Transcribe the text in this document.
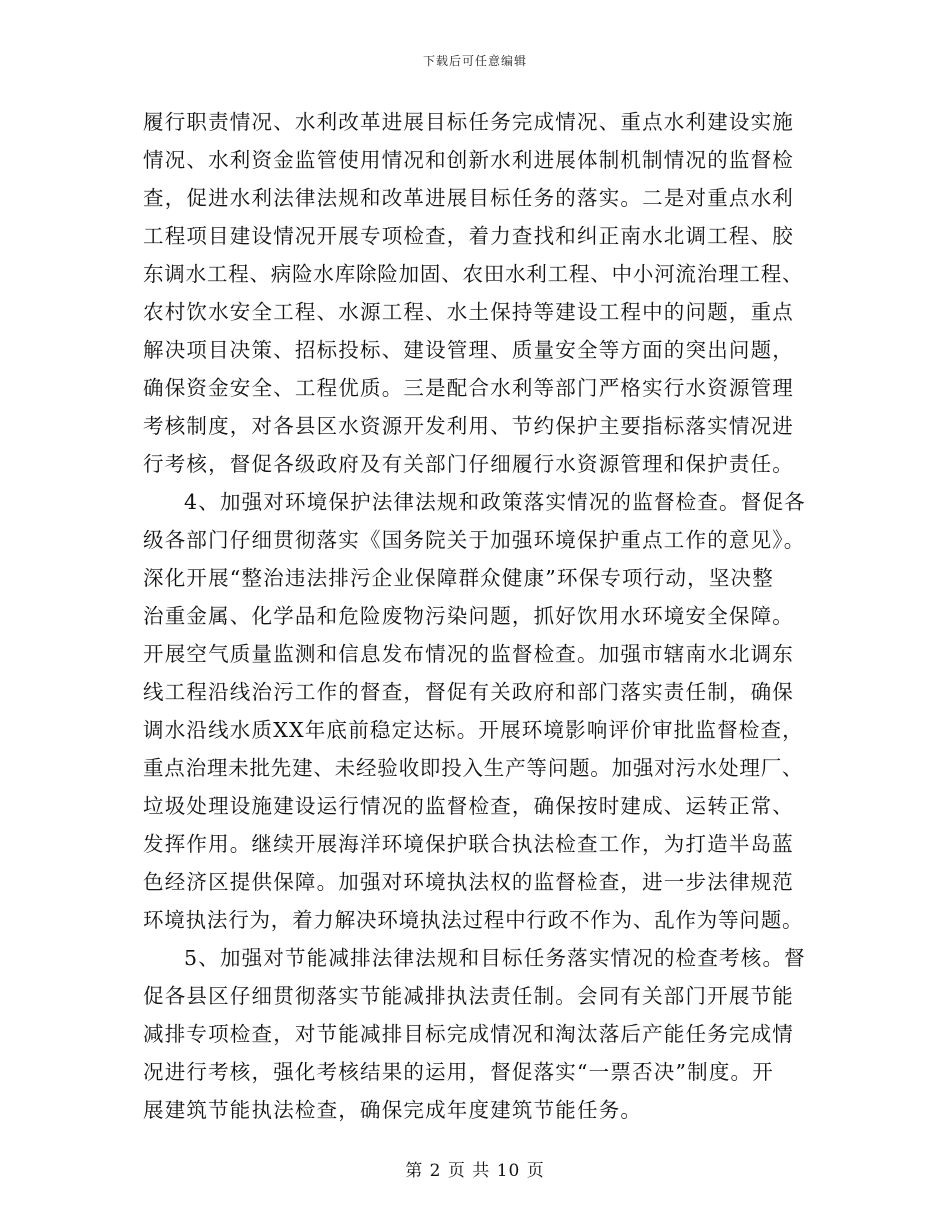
下载后可任意编辑
履行职责情况、水利改革进展目标任务完成情况、重点水利建设实施
情况、水利资金监管使用情况和创新水利进展体制机制情况的监督检
查，促进水利法律法规和改革进展目标任务的落实。二是对重点水利
工程项目建设情况开展专项检查，着力查找和纠正南水北调工程、胶
东调水工程、病险水库除险加固、农田水利工程、中小河流治理工程、
农村饮水安全工程、水源工程、水土保持等建设工程中的问题，重点
解决项目决策、招标投标、建设管理、质量安全等方面的突出问题，
确保资金安全、工程优质。三是配合水利等部门严格实行水资源管理
考核制度，对各县区水资源开发利用、节约保护主要指标落实情况进
行考核，督促各级政府及有关部门仔细履行水资源管理和保护责任。
4、加强对环境保护法律法规和政策落实情况的监督检查。督促各
级各部门仔细贯彻落实《国务院关于加强环境保护重点工作的意见》。
深化开展“整治违法排污企业保障群众健康”环保专项行动，坚决整
治重金属、化学品和危险废物污染问题，抓好饮用水环境安全保障。
开展空气质量监测和信息发布情况的监督检查。加强市辖南水北调东
线工程沿线治污工作的督查，督促有关政府和部门落实责任制，确保
调水沿线水质XX年底前稳定达标。开展环境影响评价审批监督检查，
重点治理未批先建、未经验收即投入生产等问题。加强对污水处理厂、
垃圾处理设施建设运行情况的监督检查，确保按时建成、运转正常、
发挥作用。继续开展海洋环境保护联合执法检查工作，为打造半岛蓝
色经济区提供保障。加强对环境执法权的监督检查，进一步法律规范
环境执法行为，着力解决环境执法过程中行政不作为、乱作为等问题。
5、加强对节能减排法律法规和目标任务落实情况的检查考核。督
促各县区仔细贯彻落实节能减排执法责任制。会同有关部门开展节能
减排专项检查，对节能减排目标完成情况和淘汰落后产能任务完成情
况进行考核，强化考核结果的运用，督促落实“一票否决”制度。开
展建筑节能执法检查，确保完成年度建筑节能任务。
第 2 页 共 10 页
